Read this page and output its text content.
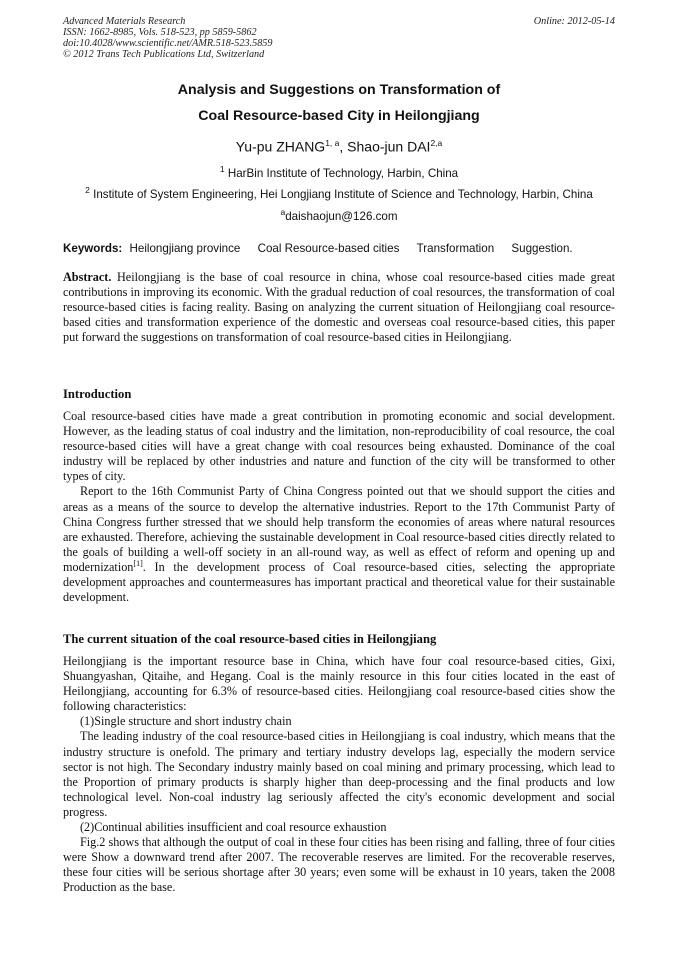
Advanced Materials Research
ISSN: 1662-8985, Vols. 518-523, pp 5859-5862
doi:10.4028/www.scientific.net/AMR.518-523.5859
© 2012 Trans Tech Publications Ltd, Switzerland
Online: 2012-05-14
Analysis and Suggestions on Transformation of
Coal Resource-based City in Heilongjiang
Yu-pu ZHANG$^{1, a}$, Shao-jun DAI$^{2,a}$
$^1$ HarBin Institute of Technology, Harbin, China
$^2$ Institute of System Engineering, Hei Longjiang Institute of Science and Technology, Harbin, China
$^a$daishaojun@126.com
Keywords: Heilongjiang province Coal Resource-based cities Transformation Suggestion.

Abstract. Heilongjiang is the base of coal resource in china, whose coal resource-based cities made great contributions in improving its economic. With the gradual reduction of coal resources, the transformation of coal resource-based cities is facing reality. Basing on analyzing the current situation of Heilongjiang coal resource-based cities and transformation experience of the domestic and overseas coal resource-based cities, this paper put forward the suggestions on transformation of coal resource-based cities in Heilongjiang.

Introduction

Coal resource-based cities have made a great contribution in promoting economic and social development. However, as the leading status of coal industry and the limitation, non-reproducibility of coal resource, the coal resource-based cities will have a great change with coal resources being exhausted. Dominance of the coal industry will be replaced by other industries and nature and function of the city will be transformed to other types of city.

Report to the 16th Communist Party of China Congress pointed out that we should support the cities and areas as a means of the source to develop the alternative industries. Report to the 17th Communist Party of China Congress further stressed that we should help transform the economies of areas where natural resources are exhausted. Therefore, achieving the sustainable development in Coal resource-based cities directly related to the goals of building a well-off society in an all-round way, as well as effect of reform and opening up and modernization[1]. In the development process of Coal resource-based cities, selecting the appropriate development approaches and countermeasures has important practical and theoretical value for their sustainable development.

The current situation of the coal resource-based cities in Heilongjiang

Heilongjiang is the important resource base in China, which have four coal resource-based cities, Gixi, Shuangyashan, Qitaihe, and Hegang. Coal is the mainly resource in this four cities located in the east of Heilongjiang, accounting for 6.3% of resource-based cities. Heilongjiang coal resource-based cities show the following characteristics:

(1)Single structure and short industry chain

The leading industry of the coal resource-based cities in Heilongjiang is coal industry, which means that the industry structure is onefold. The primary and tertiary industry develops lag, especially the modern service sector is not high. The Secondary industry mainly based on coal mining and primary processing, which lead to the Proportion of primary products is sharply higher than deep-processing and the final products and low technological level. Non-coal industry lag seriously affected the city's economic development and social progress.

(2)Continual abilities insufficient and coal resource exhaustion

Fig.2 shows that although the output of coal in these four cities has been rising and falling, three of four cities were Show a downward trend after 2007. The recoverable reserves are limited. For the recoverable reserves, these four cities will be serious shortage after 30 years; even some will be exhaust in 10 years, taken the 2008 Production as the base.
